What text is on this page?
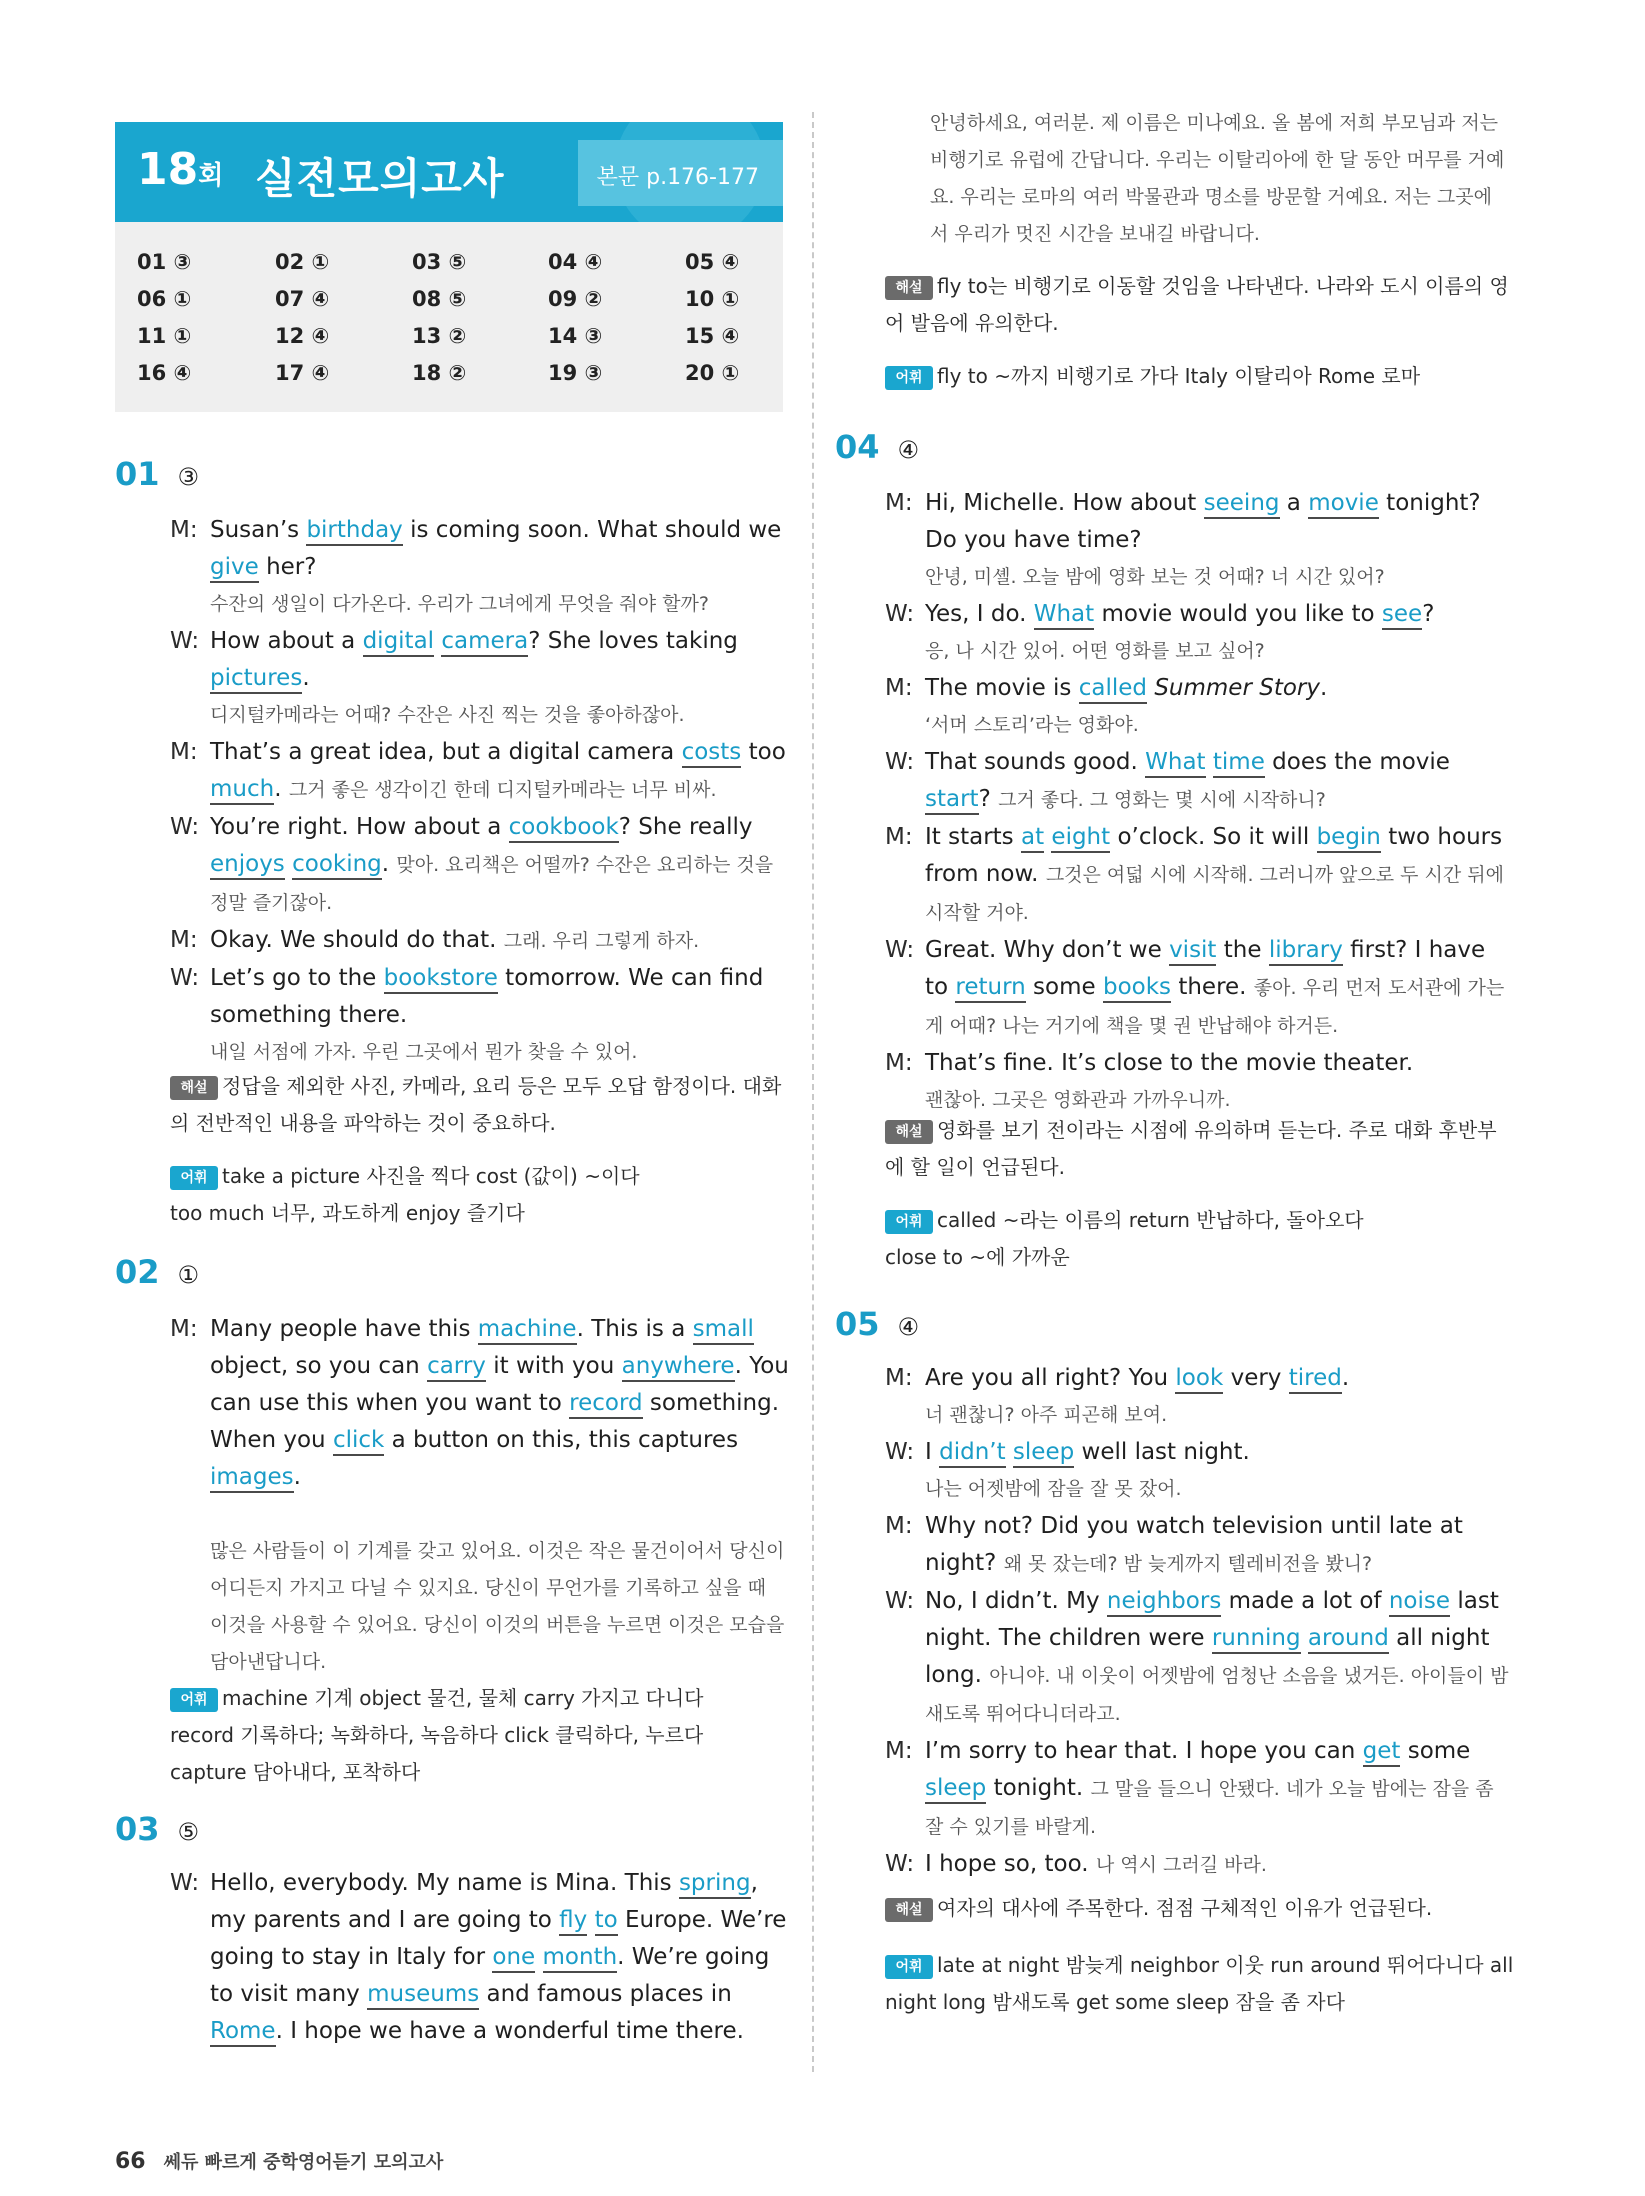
18회 실전모의고사	본문 p.176-177
01 ③	02 ①	03 ⑤	04 ④	05 ④
06 ①	07 ④	08 ⑤	09 ②	10 ①
11 ①	12 ④	13 ②	14 ③	15 ④
16 ④	17 ④	18 ②	19 ③	20 ①
01 ③
M: Susan’s birthday is coming soon. What should we give her?
수잔의 생일이 다가온다. 우리가 그녀에게 무엇을 줘야 할까?
W: How about a digital camera? She loves taking pictures.
디지털카메라는 어때? 수잔은 사진 찍는 것을 좋아하잖아.
M: That’s a great idea, but a digital camera costs too much. 그거 좋은 생각이긴 한데 디지털카메라는 너무 비싸.
W: You’re right. How about a cookbook? She really enjoys cooking. 맞아. 요리책은 어떨까? 수잔은 요리하는 것을 정말 즐기잖아.
M: Okay. We should do that. 그래. 우리 그렇게 하자.
W: Let’s go to the bookstore tomorrow. We can find something there.
내일 서점에 가자. 우린 그곳에서 뭔가 찾을 수 있어.
해설 정답을 제외한 사진, 카메라, 요리 등은 모두 오답 함정이다. 대화의 전반적인 내용을 파악하는 것이 중요하다.
어휘 take a picture 사진을 찍다 cost (값이) ~이다
too much 너무, 과도하게 enjoy 즐기다
02 ①
M: Many people have this machine. This is a small object, so you can carry it with you anywhere. You can use this when you want to record something. When you click a button on this, this captures images.
많은 사람들이 이 기계를 갖고 있어요. 이것은 작은 물건이어서 당신이 어디든지 가지고 다닐 수 있지요. 당신이 무언가를 기록하고 싶을 때 이것을 사용할 수 있어요. 당신이 이것의 버튼을 누르면 이것은 모습을 담아낸답니다.
어휘 machine 기계 object 물건, 물체 carry 가지고 다니다
record 기록하다; 녹화하다, 녹음하다 click 클릭하다, 누르다
capture 담아내다, 포착하다
03 ⑤
W: Hello, everybody. My name is Mina. This spring, my parents and I are going to fly to Europe. We’re going to stay in Italy for one month. We’re going to visit many museums and famous places in Rome. I hope we have a wonderful time there.
안녕하세요, 여러분. 제 이름은 미나예요. 올 봄에 저희 부모님과 저는 비행기로 유럽에 간답니다. 우리는 이탈리아에 한 달 동안 머무를 거예요. 우리는 로마의 여러 박물관과 명소를 방문할 거예요. 저는 그곳에서 우리가 멋진 시간을 보내길 바랍니다.
해설 fly to는 비행기로 이동할 것임을 나타낸다. 나라와 도시 이름의 영어 발음에 유의한다.
어휘 fly to ~까지 비행기로 가다 Italy 이탈리아 Rome 로마
04 ④
M: Hi, Michelle. How about seeing a movie tonight? Do you have time?
안녕, 미셸. 오늘 밤에 영화 보는 것 어때? 너 시간 있어?
W: Yes, I do. What movie would you like to see?
응, 나 시간 있어. 어떤 영화를 보고 싶어?
M: The movie is called Summer Story.
‘서머 스토리’라는 영화야.
W: That sounds good. What time does the movie start? 그거 좋다. 그 영화는 몇 시에 시작하니?
M: It starts at eight o’clock. So it will begin two hours from now. 그것은 여덟 시에 시작해. 그러니까 앞으로 두 시간 뒤에 시작할 거야.
W: Great. Why don’t we visit the library first? I have to return some books there. 좋아. 우리 먼저 도서관에 가는 게 어때? 나는 거기에 책을 몇 권 반납해야 하거든.
M: That’s fine. It’s close to the movie theater.
괜찮아. 그곳은 영화관과 가까우니까.
해설 영화를 보기 전이라는 시점에 유의하며 듣는다. 주로 대화 후반부에 할 일이 언급된다.
어휘 called ~라는 이름의 return 반납하다, 돌아오다
close to ~에 가까운
05 ④
M: Are you all right? You look very tired.
너 괜찮니? 아주 피곤해 보여.
W: I didn’t sleep well last night.
나는 어젯밤에 잠을 잘 못 잤어.
M: Why not? Did you watch television until late at night? 왜 못 잤는데? 밤 늦게까지 텔레비전을 봤니?
W: No, I didn’t. My neighbors made a lot of noise last night. The children were running around all night long. 아니야. 내 이웃이 어젯밤에 엄청난 소음을 냈거든. 아이들이 밤새도록 뛰어다니더라고.
M: I’m sorry to hear that. I hope you can get some sleep tonight. 그 말을 들으니 안됐다. 네가 오늘 밤에는 잠을 좀 잘 수 있기를 바랄게.
W: I hope so, too. 나 역시 그러길 바라.
해설 여자의 대사에 주목한다. 점점 구체적인 이유가 언급된다.
어휘 late at night 밤늦게 neighbor 이웃 run around 뛰어다니다 all night long 밤새도록 get some sleep 잠을 좀 자다
66 쎄듀 빠르게 중학영어듣기 모의고사
